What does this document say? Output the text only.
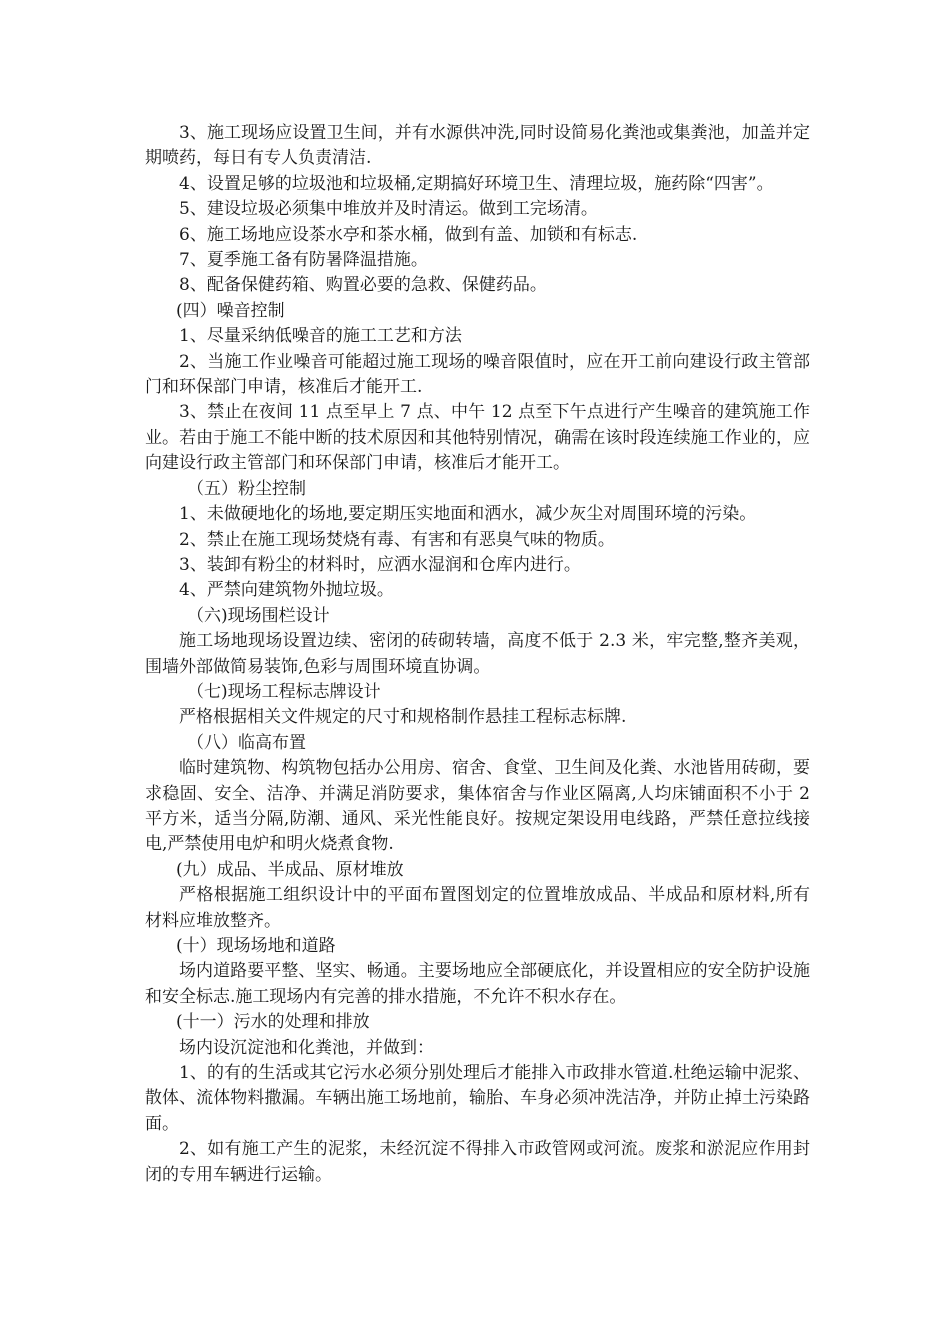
3、施工现场应设置卫生间，并有水源供冲洗,同时设简易化粪池或集粪池，加盖并定期喷药，每日有专人负责清洁.

4、设置足够的垃圾池和垃圾桶,定期搞好环境卫生、清理垃圾，施药除“四害”。

5、建设垃圾必须集中堆放并及时清运。做到工完场清。

6、施工场地应设茶水亭和茶水桶，做到有盖、加锁和有标志.

7、夏季施工备有防暑降温措施。

8、配备保健药箱、购置必要的急救、保健药品。

(四）噪音控制

1、尽量采纳低噪音的施工工艺和方法

2、当施工作业噪音可能超过施工现场的噪音限值时，应在开工前向建设行政主管部门和环保部门申请，核准后才能开工.

3、禁止在夜间 11 点至早上 7 点、中午 12 点至下午点进行产生噪音的建筑施工作业。若由于施工不能中断的技术原因和其他特别情况，确需在该时段连续施工作业的，应向建设行政主管部门和环保部门申请，核准后才能开工。

（五）粉尘控制

1、未做硬地化的场地,要定期压实地面和洒水，减少灰尘对周围环境的污染。

2、禁止在施工现场焚烧有毒、有害和有恶臭气味的物质。

3、装卸有粉尘的材料时，应洒水湿润和仓库内进行。

4、严禁向建筑物外抛垃圾。

（六)现场围栏设计

施工场地现场设置边续、密闭的砖砌转墙，高度不低于 2.3 米，牢完整,整齐美观，围墙外部做简易装饰,色彩与周围环境直协调。

（七)现场工程标志牌设计

严格根据相关文件规定的尺寸和规格制作悬挂工程标志标牌.

（八）临高布置

临时建筑物、构筑物包括办公用房、宿舍、食堂、卫生间及化粪、水池皆用砖砌，要求稳固、安全、洁净、并满足消防要求，集体宿舍与作业区隔离,人均床铺面积不小于 2 平方米，适当分隔,防潮、通风、采光性能良好。按规定架设用电线路，严禁任意拉线接电,严禁使用电炉和明火烧煮食物.

(九）成品、半成品、原材堆放

严格根据施工组织设计中的平面布置图划定的位置堆放成品、半成品和原材料,所有材料应堆放整齐。

(十）现场场地和道路

场内道路要平整、坚实、畅通。主要场地应全部硬底化，并设置相应的安全防护设施和安全标志.施工现场内有完善的排水措施，不允许不积水存在。

(十一）污水的处理和排放

场内设沉淀池和化粪池，并做到：

1、的有的生活或其它污水必须分别处理后才能排入市政排水管道.杜绝运输中泥浆、散体、流体物料撒漏。车辆出施工场地前，输胎、车身必须冲洗洁净，并防止掉土污染路面。

2、如有施工产生的泥浆，未经沉淀不得排入市政管网或河流。废浆和淤泥应作用封闭的专用车辆进行运输。
